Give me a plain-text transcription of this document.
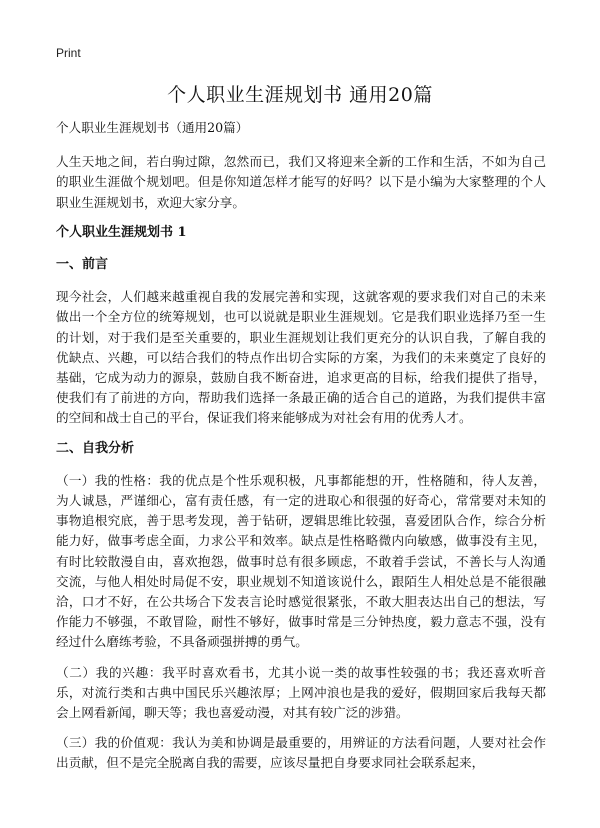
Print
个人职业生涯规划书 通用20篇

个人职业生涯规划书（通用20篇）

人生天地之间，若白驹过隙，忽然而已，我们又将迎来全新的工作和生活，不如为自己的职业生涯做个规划吧。但是你知道怎样才能写的好吗？以下是小编为大家整理的个人职业生涯规划书，欢迎大家分享。

个人职业生涯规划书 1

一、前言

现今社会，人们越来越重视自我的发展完善和实现，这就客观的要求我们对自己的未来做出一个全方位的统筹规划，也可以说就是职业生涯规划。它是我们职业选择乃至一生的计划，对于我们是至关重要的，职业生涯规划让我们更充分的认识自我，了解自我的优缺点、兴趣，可以结合我们的特点作出切合实际的方案，为我们的未来奠定了良好的基础，它成为动力的源泉，鼓励自我不断奋进，追求更高的目标，给我们提供了指导，使我们有了前进的方向，帮助我们选择一条最正确的适合自己的道路，为我们提供丰富的空间和战士自己的平台，保证我们将来能够成为对社会有用的优秀人才。

二、自我分析

（一）我的性格：我的优点是个性乐观积极，凡事都能想的开，性格随和，待人友善，为人诚恳，严谨细心，富有责任感，有一定的进取心和很强的好奇心，常常要对未知的事物追根究底，善于思考发现，善于钻研，逻辑思维比较强，喜爱团队合作，综合分析能力好，做事考虑全面，力求公平和效率。缺点是性格略微内向敏感，做事没有主见，有时比较散漫自由，喜欢抱怨，做事时总有很多顾虑，不敢着手尝试，不善长与人沟通交流，与他人相处时局促不安，职业规划不知道该说什么，跟陌生人相处总是不能很融洽，口才不好，在公共场合下发表言论时感觉很紧张，不敢大胆表达出自己的想法，写作能力不够强，不敢冒险，耐性不够好，做事时常是三分钟热度，毅力意志不强，没有经过什么磨练考验，不具备顽强拼搏的勇气。

（二）我的兴趣：我平时喜欢看书，尤其小说一类的故事性较强的书；我还喜欢听音乐，对流行类和古典中国民乐兴趣浓厚；上网冲浪也是我的爱好，假期回家后我每天都会上网看新闻，聊天等；我也喜爱动漫，对其有较广泛的涉猎。

（三）我的价值观：我认为美和协调是最重要的，用辨证的方法看问题，人要对社会作出贡献，但不是完全脱离自我的需要，应该尽量把自身要求同社会联系起来，
